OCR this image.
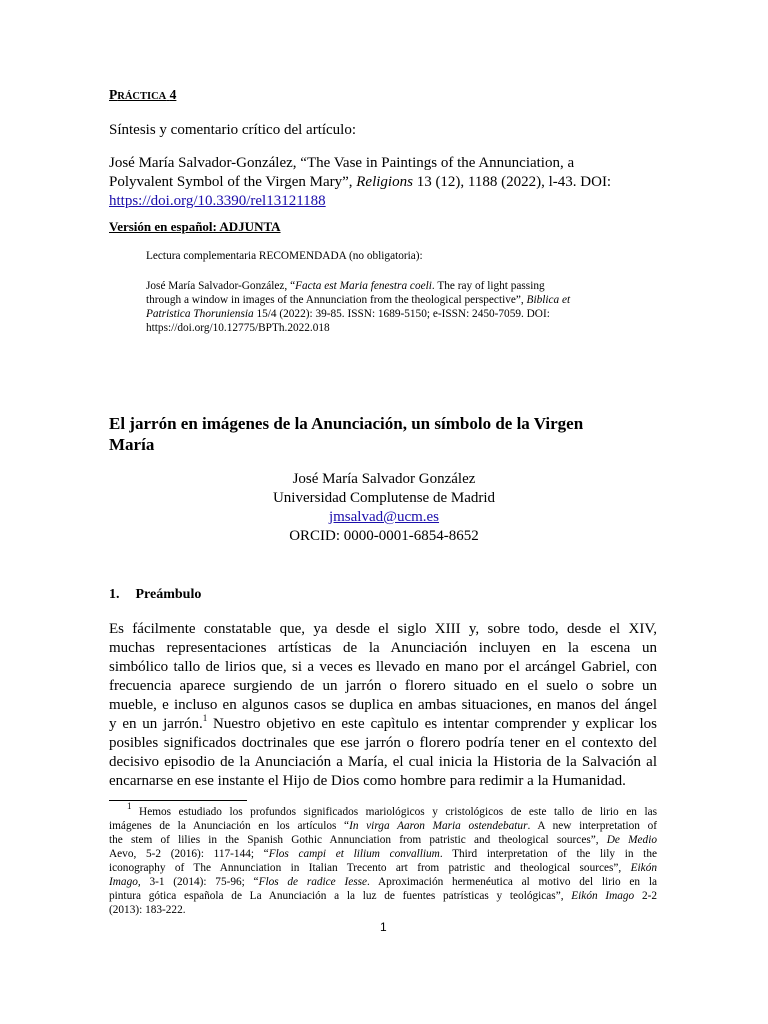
PRÁCTICA 4
Síntesis y comentario crítico del artículo:
José María Salvador-González, “The Vase in Paintings of the Annunciation, a
Polyvalent Symbol of the Virgen Mary”, Religions 13 (12), 1188 (2022), l-43. DOI:
https://doi.org/10.3390/rel13121188
Versión en español: ADJUNTA
Lectura complementaria RECOMENDADA (no obligatoria):
José María Salvador-González, “Facta est Maria fenestra coeli. The ray of light passing
through a window in images of the Annunciation from the theological perspective”, Biblica et
Patristica Thoruniensia 15/4 (2022): 39-85. ISSN: 1689-5150; e-ISSN: 2450-7059. DOI:
https://doi.org/10.12775/BPTh.2022.018
El jarrón en imágenes de la Anunciación, un símbolo de la Virgen
María
José María Salvador González
Universidad Complutense de Madrid
jmsalvad@ucm.es
ORCID: 0000-0001-6854-8652
1. Preámbulo
Es fácilmente constatable que, ya desde el siglo XIII y, sobre todo, desde el XIV,
muchas representaciones artísticas de la Anunciación incluyen en la escena un
simbólico tallo de lirios que, si a veces es llevado en mano por el arcángel Gabriel, con
frecuencia aparece surgiendo de un jarrón o florero situado en el suelo o sobre un
mueble, e incluso en algunos casos se duplica en ambas situaciones, en manos del ángel
y en un jarrón.$^1$ Nuestro objetivo en este capìtulo es intentar comprender y explicar los
posibles significados doctrinales que ese jarrón o florero podría tener en el contexto del
decisivo episodio de la Anunciación a María, el cual inicia la Historia de la Salvación al
encarnarse en ese instante el Hijo de Dios como hombre para redimir a la Humanidad.
$^1$ Hemos estudiado los profundos significados mariológicos y cristológicos de este tallo de lirio en las
imágenes de la Anunciación en los artículos “In virga Aaron Maria ostendebatur. A new interpretation of
the stem of lilies in the Spanish Gothic Annunciation from patristic and theological sources”, De Medio
Aevo, 5-2 (2016): 117-144; “Flos campi et lilium convallium. Third interpretation of the lily in the
iconography of The Annunciation in Italian Trecento art from patristic and theological sources”, Eikón
Imago, 3-1 (2014): 75-96; “Flos de radice Iesse. Aproximación hermenéutica al motivo del lirio en la
pintura gótica española de La Anunciación a la luz de fuentes patrísticas y teológicas”, Eikón Imago 2-2
(2013): 183-222.
1
